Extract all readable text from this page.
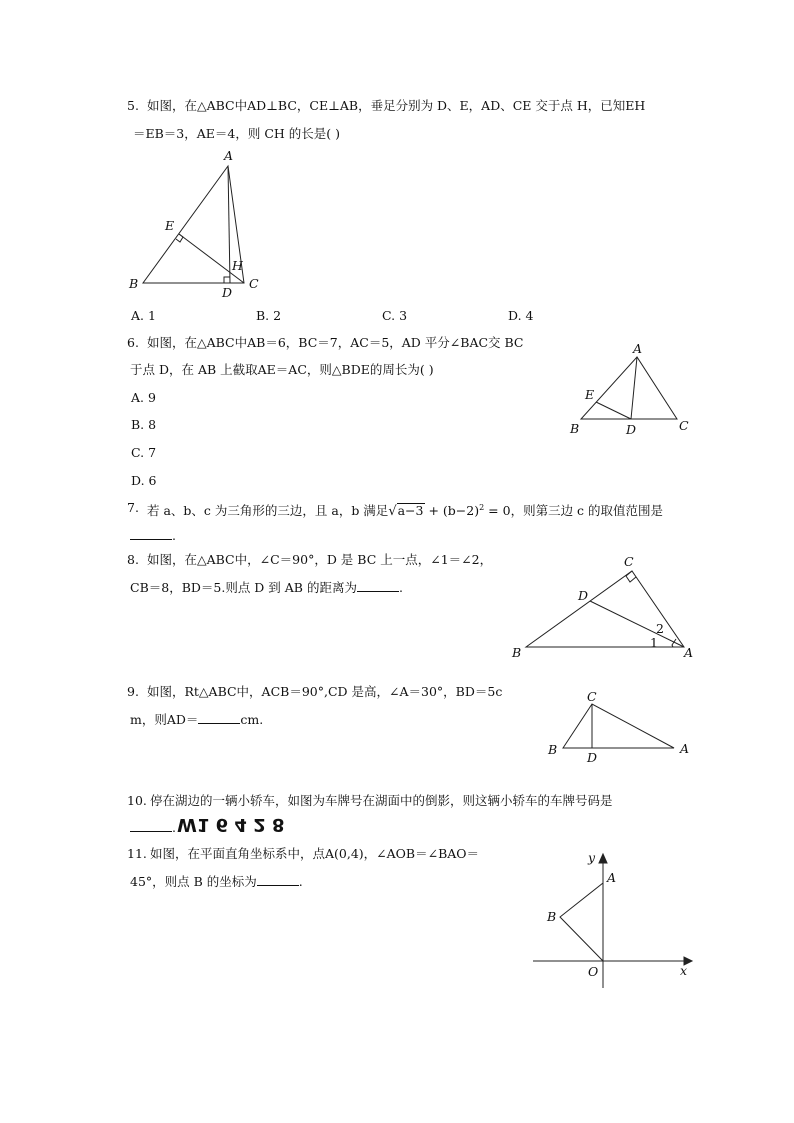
5. 如图，在△ABC中AD⊥BC，CE⊥AB，垂足分别为 D、E，AD、CE 交于点 H，已知EH
＝EB＝3，AE＝4，则 CH 的长是( )
A
B	C
D
E
H
A. 1	B. 2	C. 3	D. 4
6. 如图，在△ABC中AB＝6，BC＝7，AC＝5，AD 平分∠BAC交 BC
于点 D，在 AB 上截取AE＝AC，则△BDE的周长为( )
A. 9
B. 8
C. 7
D. 6
A
B	C
D
E
7. 若 a、b、c 为三角形的三边，且 a，b 满足$√a-3 + (b-2)^2 = 0$，则第三边 c 的取值范围是
.
8. 如图，在△ABC中，∠C＝90°，D 是 BC 上一点，∠1＝∠2，
CB＝8，BD＝5.则点 D 到 AB 的距离为	.
C
D
B	A
2
1
9. 如图，Rt△ABC中，ACB＝90°,CD 是高，∠A＝30°，BD＝5c
m，则AD＝	cm.
C
B
D
A
10. 停在湖边的一辆小轿车，如图为车牌号在湖面中的倒影，则这辆小轿车的车牌号码是
. W1 6 4 2 8
11. 如图，在平面直角坐标系中，点A(0,4)，∠AOB＝∠BAO＝
45°，则点 B 的坐标为	.
y
x
A
B
O
